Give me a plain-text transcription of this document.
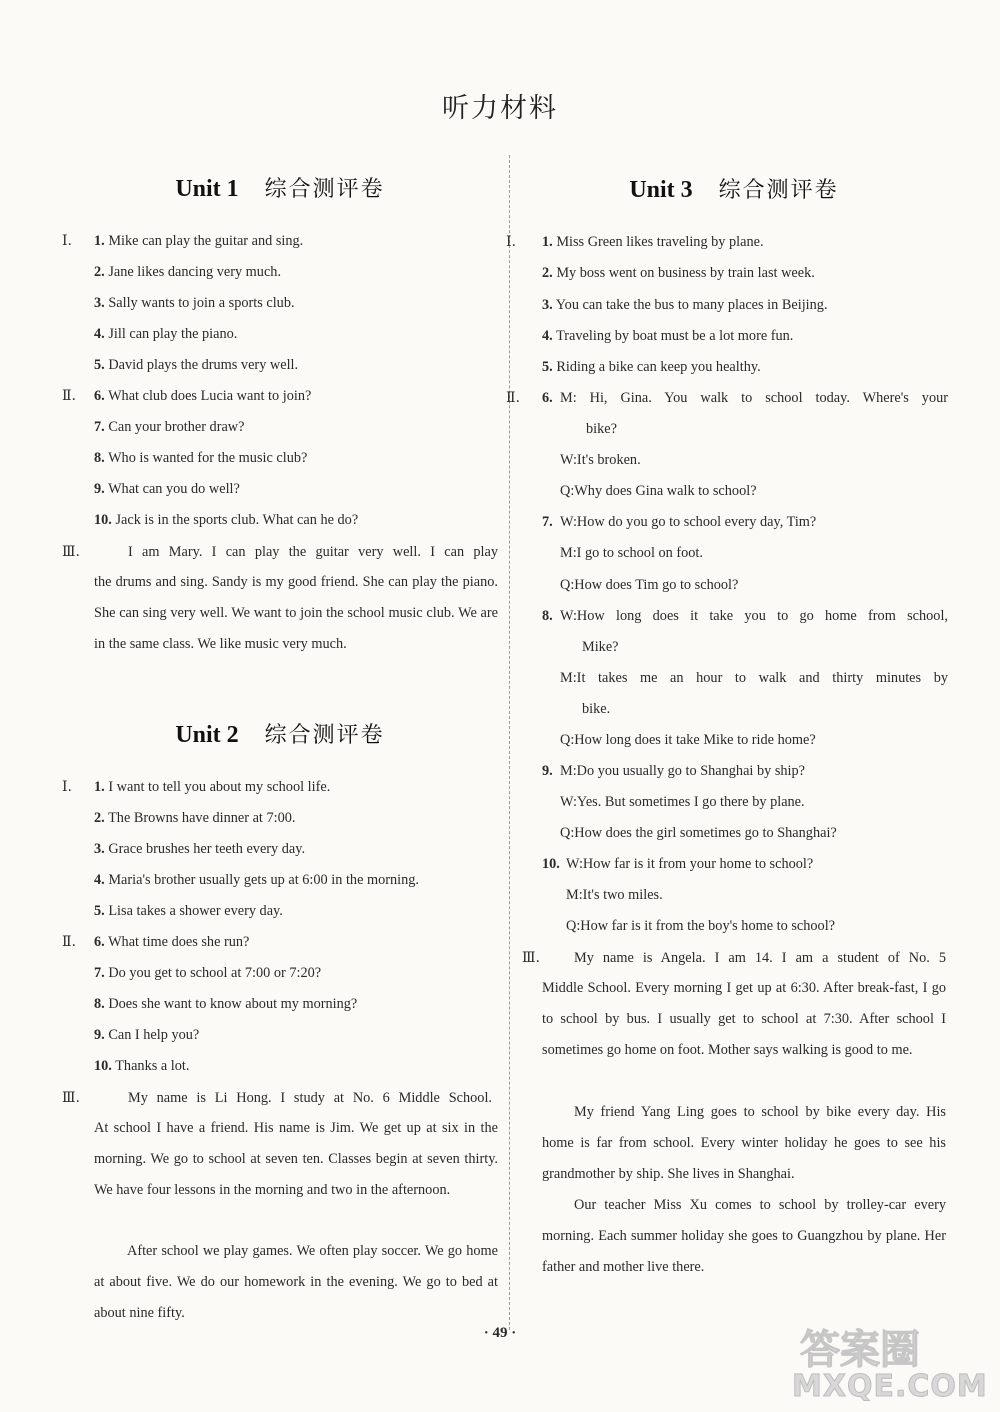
听力材料
Unit 1 综合测评卷
Ⅰ. 1. Mike can play the guitar and sing.
2. Jane likes dancing very much.
3. Sally wants to join a sports club.
4. Jill can play the piano.
5. David plays the drums very well.
Ⅱ. 6. What club does Lucia want to join?
7. Can your brother draw?
8. Who is wanted for the music club?
9. What can you do well?
10. Jack is in the sports club. What can he do?
Ⅲ.	I am Mary. I can play the guitar very well. I can play
the drums and sing. Sandy is my good friend. She can play the piano. She can sing very well. We want to join the school music club. We are in the same class. We like music very much.
Unit 2 综合测评卷
Ⅰ. 1. I want to tell you about my school life.
2. The Browns have dinner at 7:00.
3. Grace brushes her teeth every day.
4. Maria's brother usually gets up at 6:00 in the morning.
5. Lisa takes a shower every day.
Ⅱ. 6. What time does she run?
7. Do you get to school at 7:00 or 7:20?
8. Does she want to know about my morning?
9. Can I help you?
10. Thanks a lot.
Ⅲ.	My name is Li Hong. I study at No. 6 Middle School.
At school I have a friend. His name is Jim. We get up at six in the morning. We go to school at seven ten. Classes begin at seven thirty. We have four lessons in the morning and two in the afternoon.
After school we play games. We often play soccer. We go home at about five. We do our homework in the evening. We go to bed at about nine fifty.
Unit 3 综合测评卷
Ⅰ. 1. Miss Green likes traveling by plane.
2. My boss went on business by train last week.
3. You can take the bus to many places in Beijing.
4. Traveling by boat must be a lot more fun.
5. Riding a bike can keep you healthy.
Ⅱ. 6. M: Hi, Gina. You walk to school today. Where's your
bike?
W:It's broken.
Q:Why does Gina walk to school?
7. W:How do you go to school every day, Tim?
M:I go to school on foot.
Q:How does Tim go to school?
8. W:How long does it take you to go home from school,
Mike?
M:It takes me an hour to walk and thirty minutes by
bike.
Q:How long does it take Mike to ride home?
9. M:Do you usually go to Shanghai by ship?
W:Yes. But sometimes I go there by plane.
Q:How does the girl sometimes go to Shanghai?
10. W:How far is it from your home to school?
M:It's two miles.
Q:How far is it from the boy's home to school?
Ⅲ. My name is Angela. I am 14. I am a student of No. 5
Middle School. Every morning I get up at 6:30. After break-fast, I go to school by bus. I usually get to school at 7:30. After school I sometimes go home on foot. Mother says walking is good to me.
My friend Yang Ling goes to school by bike every day. His home is far from school. Every winter holiday he goes to see his grandmother by ship. She lives in Shanghai.
Our teacher Miss Xu comes to school by trolley-car every morning. Each summer holiday she goes to Guangzhou by plane. Her father and mother live there.
· 49 ·	答案圈
MXQE.COM
